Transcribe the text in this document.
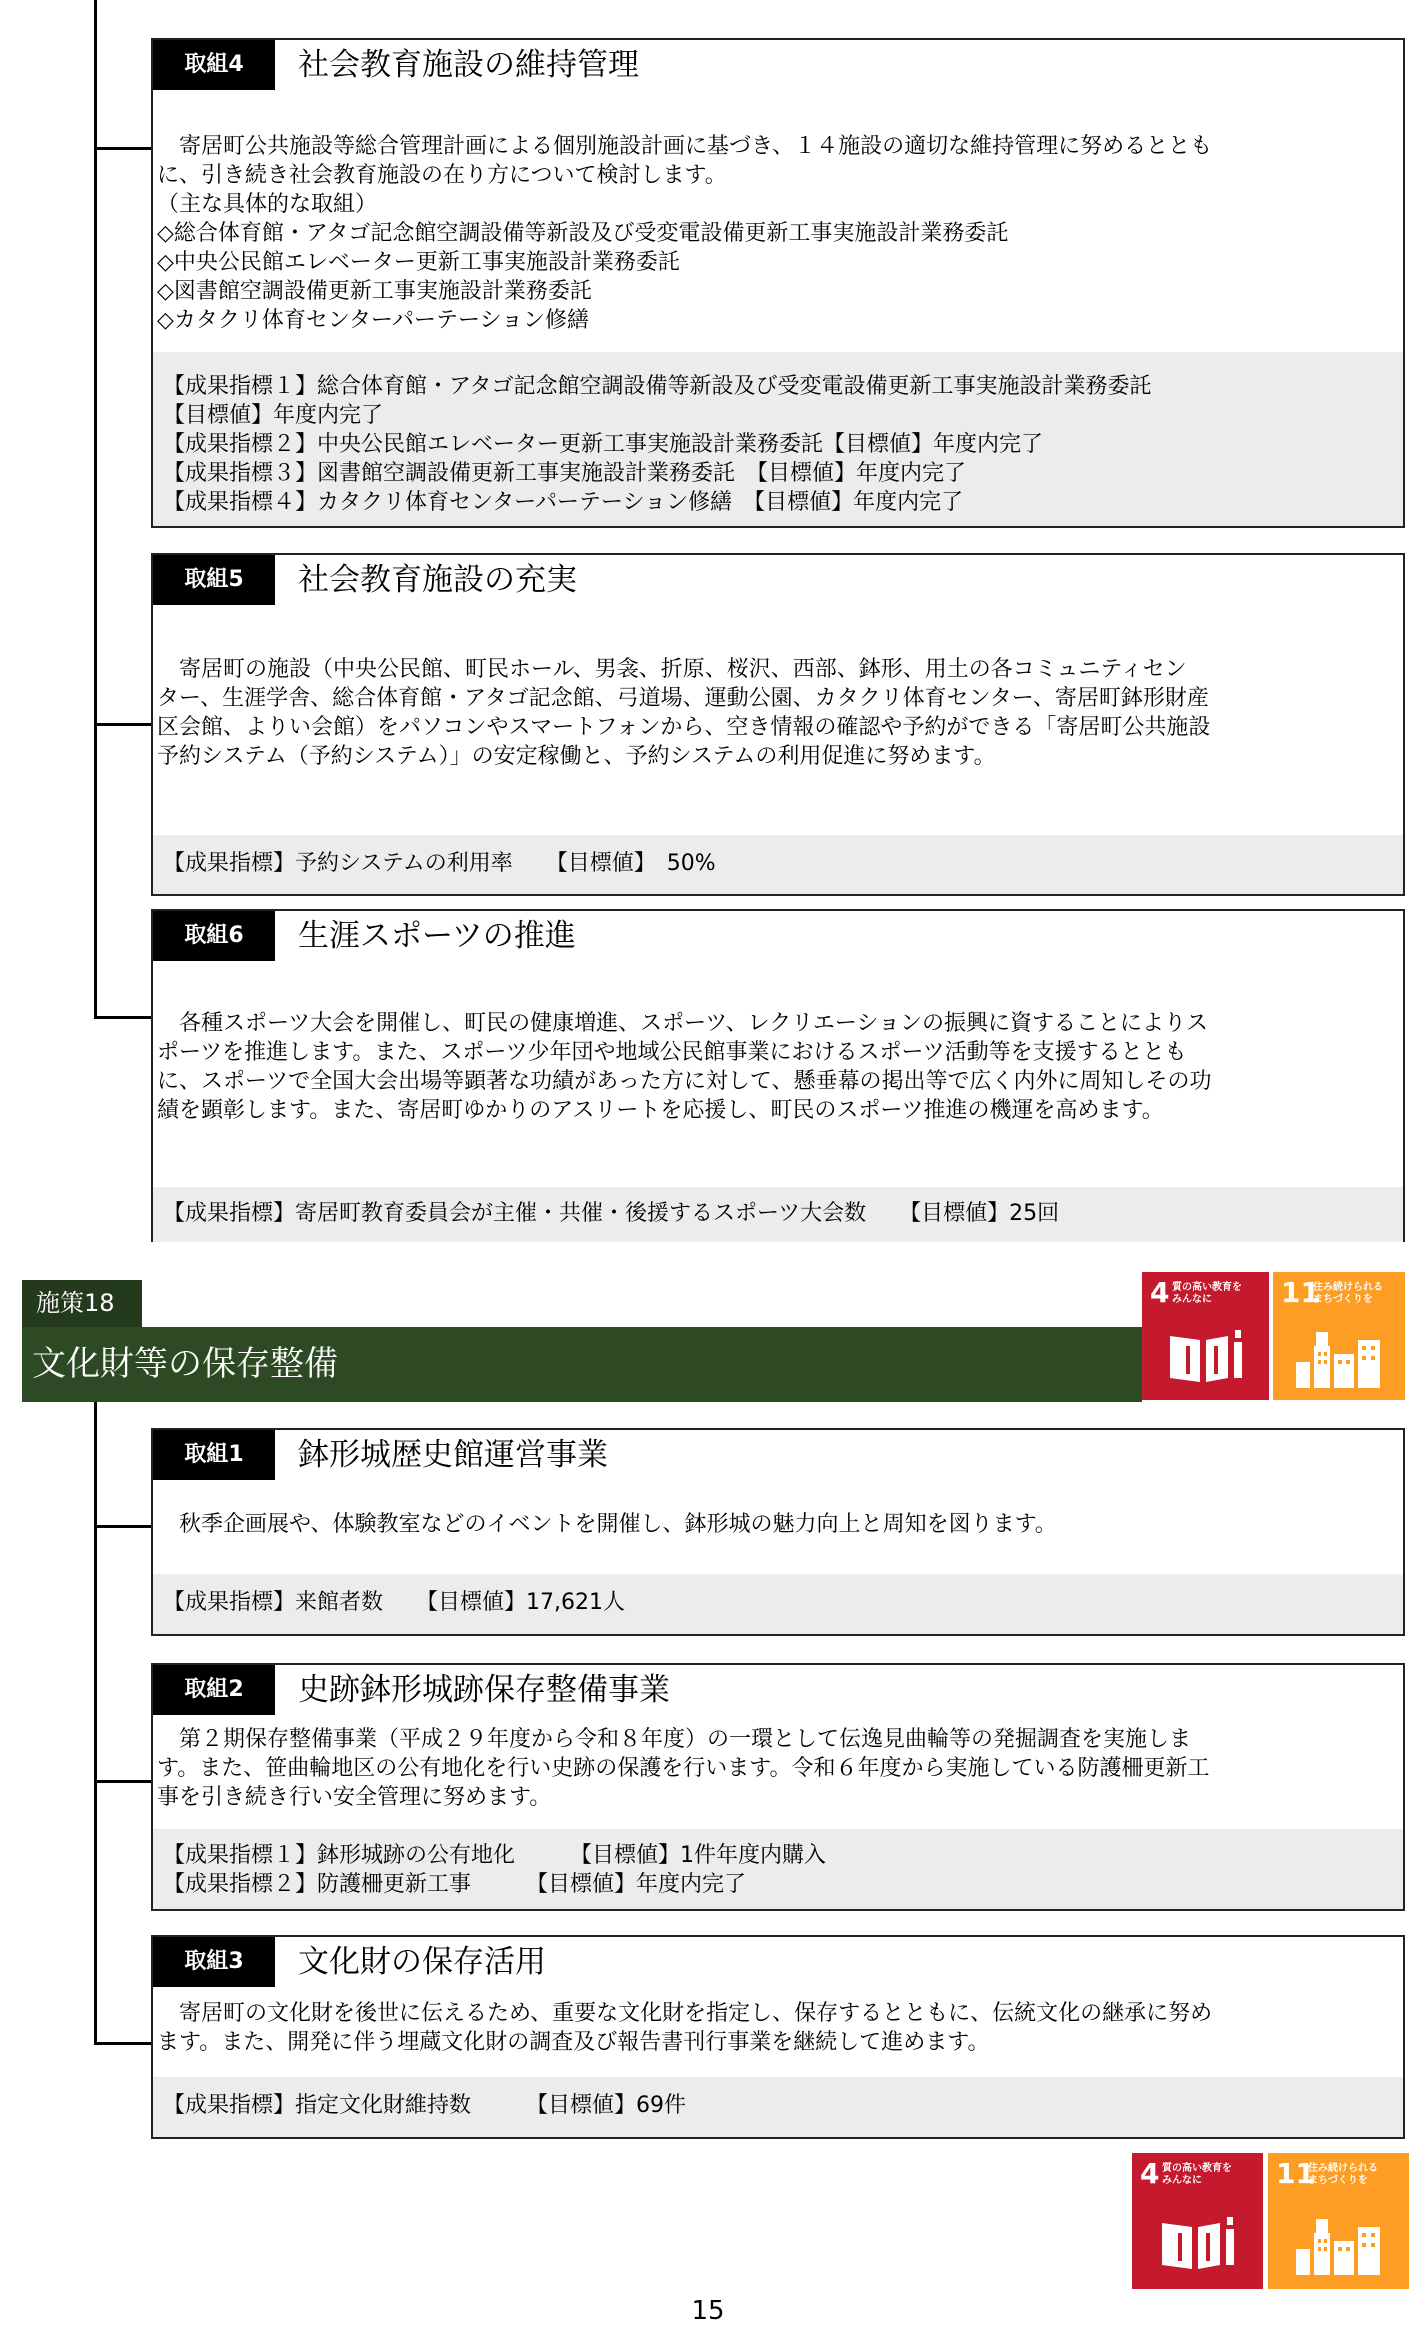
取組4	社会教育施設の維持管理
　寄居町公共施設等総合管理計画による個別施設計画に基づき、１４施設の適切な維持管理に努めるととも
に、引き続き社会教育施設の在り方について検討します。
（主な具体的な取組）
◇総合体育館・アタゴ記念館空調設備等新設及び受変電設備更新工事実施設計業務委託
◇中央公民館エレベーター更新工事実施設計業務委託
◇図書館空調設備更新工事実施設計業務委託
◇カタクリ体育センターパーテーション修繕
【成果指標１】総合体育館・アタゴ記念館空調設備等新設及び受変電設備更新工事実施設計業務委託
【目標値】年度内完了
【成果指標２】中央公民館エレベーター更新工事実施設計業務委託【目標値】年度内完了
【成果指標３】図書館空調設備更新工事実施設計業務委託　【目標値】年度内完了
【成果指標４】カタクリ体育センターパーテーション修繕　【目標値】年度内完了
取組5	社会教育施設の充実
　寄居町の施設（中央公民館、町民ホール、男衾、折原、桜沢、西部、鉢形、用土の各コミュニティセン
ター、生涯学舎、総合体育館・アタゴ記念館、弓道場、運動公園、カタクリ体育センター、寄居町鉢形財産
区会館、よりい会館）をパソコンやスマートフォンから、空き情報の確認や予約ができる「寄居町公共施設
予約システム（予約システム）」の安定稼働と、予約システムの利用促進に努めます。
【成果指標】予約システムの利用率　　【目標値】　50%
取組6	生涯スポーツの推進
　各種スポーツ大会を開催し、町民の健康増進、スポーツ、レクリエーションの振興に資することによりス
ポーツを推進します。また、スポーツ少年団や地域公民館事業におけるスポーツ活動等を支援するととも
に、スポーツで全国大会出場等顕著な功績があった方に対して、懸垂幕の掲出等で広く内外に周知しその功
績を顕彰します。また、寄居町ゆかりのアスリートを応援し、町民のスポーツ推進の機運を高めます。
【成果指標】寄居町教育委員会が主催・共催・後援するスポーツ大会数　　【目標値】25回
施策18
文化財等の保存整備
4 質の高い教育を
みんなに	11
住み続けられる
まちづくりを
取組1	鉢形城歴史館運営事業
　秋季企画展や、体験教室などのイベントを開催し、鉢形城の魅力向上と周知を図ります。
【成果指標】来館者数　　【目標値】17,621人
取組2	史跡鉢形城跡保存整備事業
　第２期保存整備事業（平成２９年度から令和８年度）の一環として伝逸見曲輪等の発掘調査を実施しま
す。また、笹曲輪地区の公有地化を行い史跡の保護を行います。令和６年度から実施している防護柵更新工
事を引き続き行い安全管理に努めます。
【成果指標１】鉢形城跡の公有地化　　　【目標値】1件年度内購入
【成果指標２】防護柵更新工事　　　【目標値】年度内完了
取組3	文化財の保存活用
　寄居町の文化財を後世に伝えるため、重要な文化財を指定し、保存するとともに、伝統文化の継承に努め
ます。また、開発に伴う埋蔵文化財の調査及び報告書刊行事業を継続して進めます。
【成果指標】指定文化財維持数　　　【目標値】69件
4 質の高い教育を
みんなに	11
住み続けられる
まちづくりを
15
